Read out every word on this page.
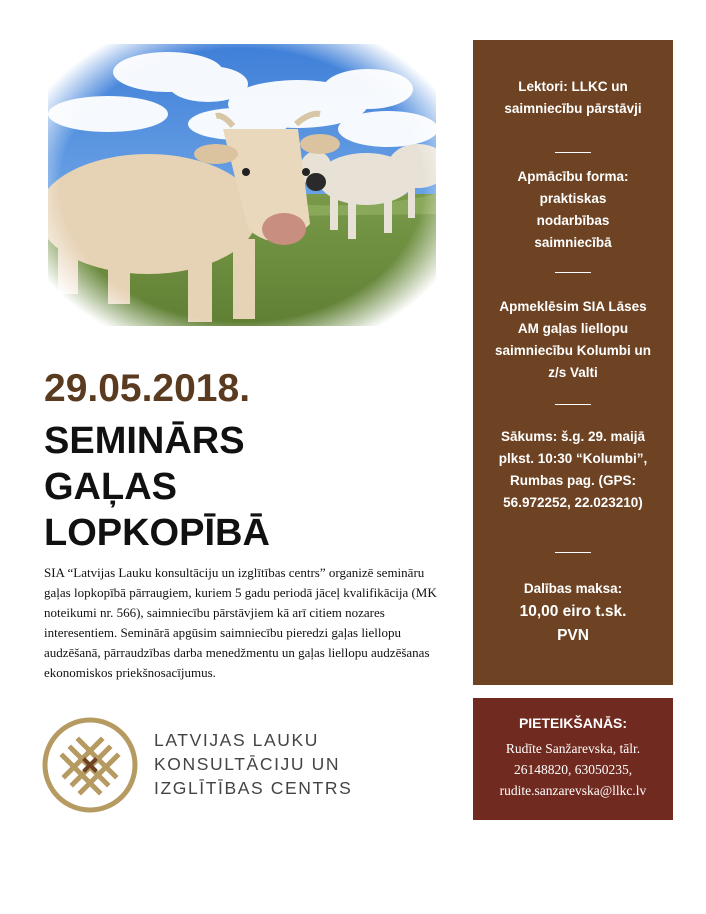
29.05.2018.
SEMINĀRS
GAĻAS
LOPKOPĪBĀ

SIA “Latvijas Lauku konsultāciju un izglītības centrs” organizē semināru gaļas lopkopībā pārraugiem, kuriem 5 gadu periodā jāceļ kvalifikācija (MK noteikumi nr. 566), saimniecību pārstāvjiem kā arī citiem nozares interesentiem. Seminārā apgūsim saimniecību pieredzi gaļas liellopu audzēšanā, pārraudzības darba menedžmentu un gaļas liellopu audzēšanas ekonomiskos priekšnosacījumus.

LATVIJAS LAUKU
KONSULTĀCIJU UN
IZGLĪTĪBAS CENTRS
Lektori: LLKC un saimniecību pārstāvji
Apmācību forma:
praktiskas nodarbības saimniecībā
Apmeklēsim SIA Lāses AM gaļas liellopu saimniecību Kolumbi un z/s Valti
Sākums: š.g. 29. maijā plkst. 10:30 “Kolumbi”, Rumbas pag. (GPS: 56.972252, 22.023210)
Dalības maksa:
10,00 eiro t.sk. PVN
PIETEIKŠANĀS:
Rudīte Sanžarevska, tālr. 26148820, 63050235, rudite.sanzarevska@llkc.lv
